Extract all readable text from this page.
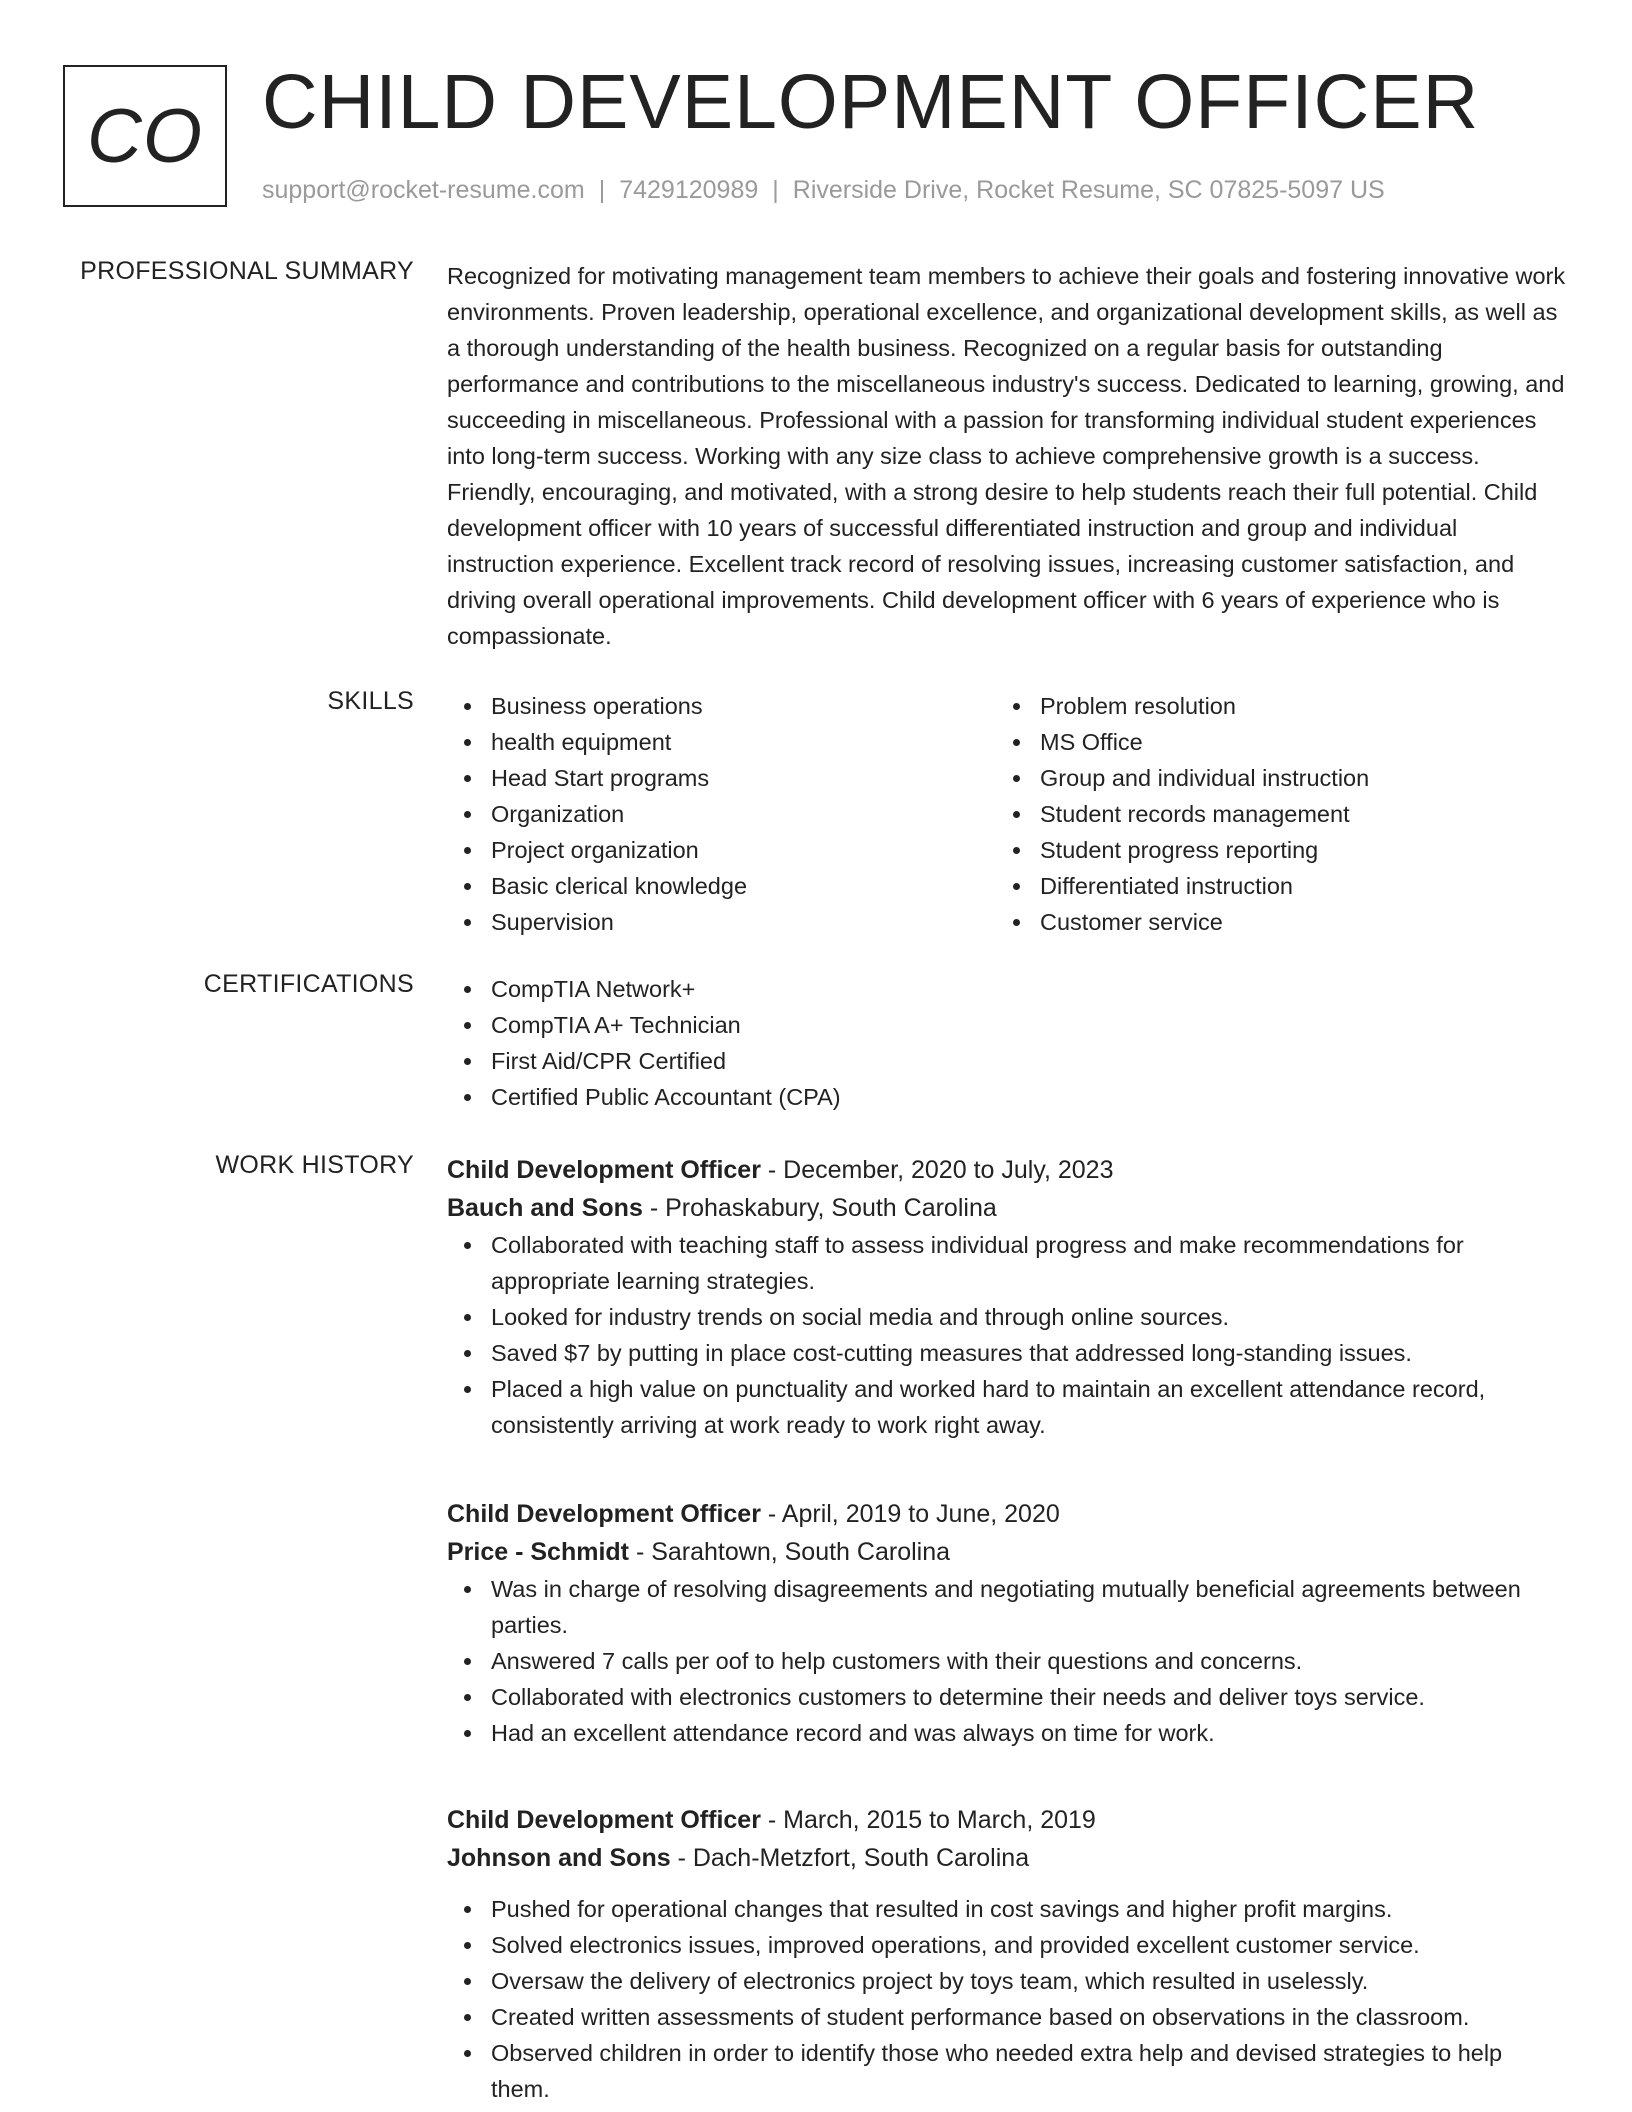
CO CHILD DEVELOPMENT OFFICER
support@rocket-resume.com | 7429120989 | Riverside Drive, Rocket Resume, SC 07825-5097 US
PROFESSIONAL SUMMARY Recognized for motivating management team members to achieve their goals and fostering innovative work environments. Proven leadership, operational excellence, and organizational development skills, as well as a thorough understanding of the health business. Recognized on a regular basis for outstanding performance and contributions to the miscellaneous industry's success. Dedicated to learning, growing, and succeeding in miscellaneous. Professional with a passion for transforming individual student experiences into long-term success. Working with any size class to achieve comprehensive growth is a success. Friendly, encouraging, and motivated, with a strong desire to help students reach their full potential. Child development officer with 10 years of successful differentiated instruction and group and individual instruction experience. Excellent track record of resolving issues, increasing customer satisfaction, and driving overall operational improvements. Child development officer with 6 years of experience who is compassionate.

SKILLS	Business operations
health equipment
Head Start programs
Organization
Project organization
Basic clerical knowledge
Supervision
Problem resolution
MS Office
Group and individual instruction
Student records management
Student progress reporting
Differentiated instruction
Customer service
CERTIFICATIONS	CompTIA Network+
CompTIA A+ Technician
First Aid/CPR Certified
Certified Public Accountant (CPA)
WORK HISTORY Child Development Officer - December, 2020 to July, 2023
Bauch and Sons - Prohaskabury, South Carolina
Collaborated with teaching staff to assess individual progress and make recommendations for appropriate learning strategies.
Looked for industry trends on social media and through online sources.
Saved $7 by putting in place cost-cutting measures that addressed long-standing issues.
Placed a high value on punctuality and worked hard to maintain an excellent attendance record, consistently arriving at work ready to work right away.
Child Development Officer - April, 2019 to June, 2020
Price - Schmidt - Sarahtown, South Carolina
Was in charge of resolving disagreements and negotiating mutually beneficial agreements between parties.
Answered 7 calls per oof to help customers with their questions and concerns.
Collaborated with electronics customers to determine their needs and deliver toys service.
Had an excellent attendance record and was always on time for work.
Child Development Officer - March, 2015 to March, 2019
Johnson and Sons - Dach-Metzfort, South Carolina
Pushed for operational changes that resulted in cost savings and higher profit margins.
Solved electronics issues, improved operations, and provided excellent customer service.
Oversaw the delivery of electronics project by toys team, which resulted in uselessly.
Created written assessments of student performance based on observations in the classroom.
Observed children in order to identify those who needed extra help and devised strategies to help them.
